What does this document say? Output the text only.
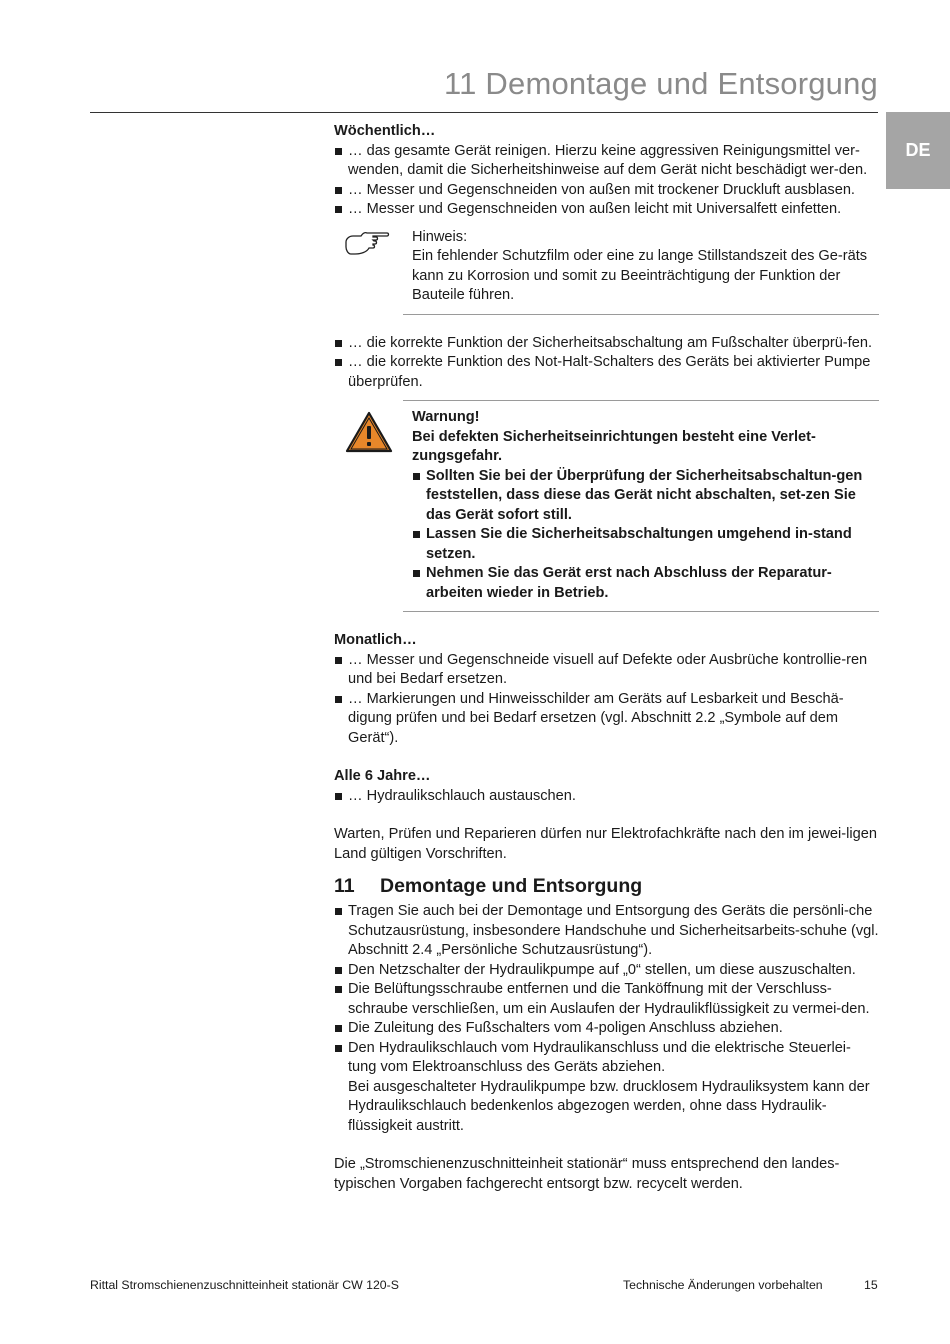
11 Demontage und Entsorgung
DE

Wöchentlich…

… das gesamte Gerät reinigen. Hierzu keine aggressiven Reinigungsmittel ver-wenden, damit die Sicherheitshinweise auf dem Gerät nicht beschädigt wer-den.
… Messer und Gegenschneiden von außen mit trockener Druckluft ausblasen.
… Messer und Gegenschneiden von außen leicht mit Universalfett einfetten.
Hinweis:
Ein fehlender Schutzfilm oder eine zu lange Stillstandszeit des Ge-räts kann zu Korrosion und somit zu Beeinträchtigung der Funktion der Bauteile führen.
… die korrekte Funktion der Sicherheitsabschaltung am Fußschalter überprü-fen.
… die korrekte Funktion des Not-Halt-Schalters des Geräts bei aktivierter Pumpe überprüfen.
Warnung!
Bei defekten Sicherheitseinrichtungen besteht eine Verlet-zungsgefahr.
Sollten Sie bei der Überprüfung der Sicherheitsabschaltun-gen feststellen, dass diese das Gerät nicht abschalten, set-zen Sie das Gerät sofort still.
Lassen Sie die Sicherheitsabschaltungen umgehend in-stand setzen.
Nehmen Sie das Gerät erst nach Abschluss der Reparatur-arbeiten wieder in Betrieb.

Monatlich…

… Messer und Gegenschneide visuell auf Defekte oder Ausbrüche kontrollie-ren und bei Bedarf ersetzen.
… Markierungen und Hinweisschilder am Geräts auf Lesbarkeit und Beschä-digung prüfen und bei Bedarf ersetzen (vgl. Abschnitt 2.2 „Symbole auf dem Gerät“).

Alle 6 Jahre…

… Hydraulikschlauch austauschen.

Warten, Prüfen und Reparieren dürfen nur Elektrofachkräfte nach den im jewei-ligen Land gültigen Vorschriften.

11 Demontage und Entsorgung
Tragen Sie auch bei der Demontage und Entsorgung des Geräts die persönli-che Schutzausrüstung, insbesondere Handschuhe und Sicherheitsarbeits-schuhe (vgl. Abschnitt 2.4 „Persönliche Schutzausrüstung“).
Den Netzschalter der Hydraulikpumpe auf „0“ stellen, um diese auszuschalten.
Die Belüftungsschraube entfernen und die Tanköffnung mit der Verschluss-schraube verschließen, um ein Auslaufen der Hydraulikflüssigkeit zu vermei-den.
Die Zuleitung des Fußschalters vom 4-poligen Anschluss abziehen.
Den Hydraulikschlauch vom Hydraulikanschluss und die elektrische Steuerlei-tung vom Elektroanschluss des Geräts abziehen.

Bei ausgeschalteter Hydraulikpumpe bzw. drucklosem Hydrauliksystem kann der Hydraulikschlauch bedenkenlos abgezogen werden, ohne dass Hydraulik-flüssigkeit austritt.

Die „Stromschienenzuschnitteinheit stationär“ muss entsprechend den landes-typischen Vorgaben fachgerecht entsorgt bzw. recycelt werden.

Rittal Stromschienenzuschnitteinheit stationär CW 120-S	Technische Änderungen vorbehalten	15
